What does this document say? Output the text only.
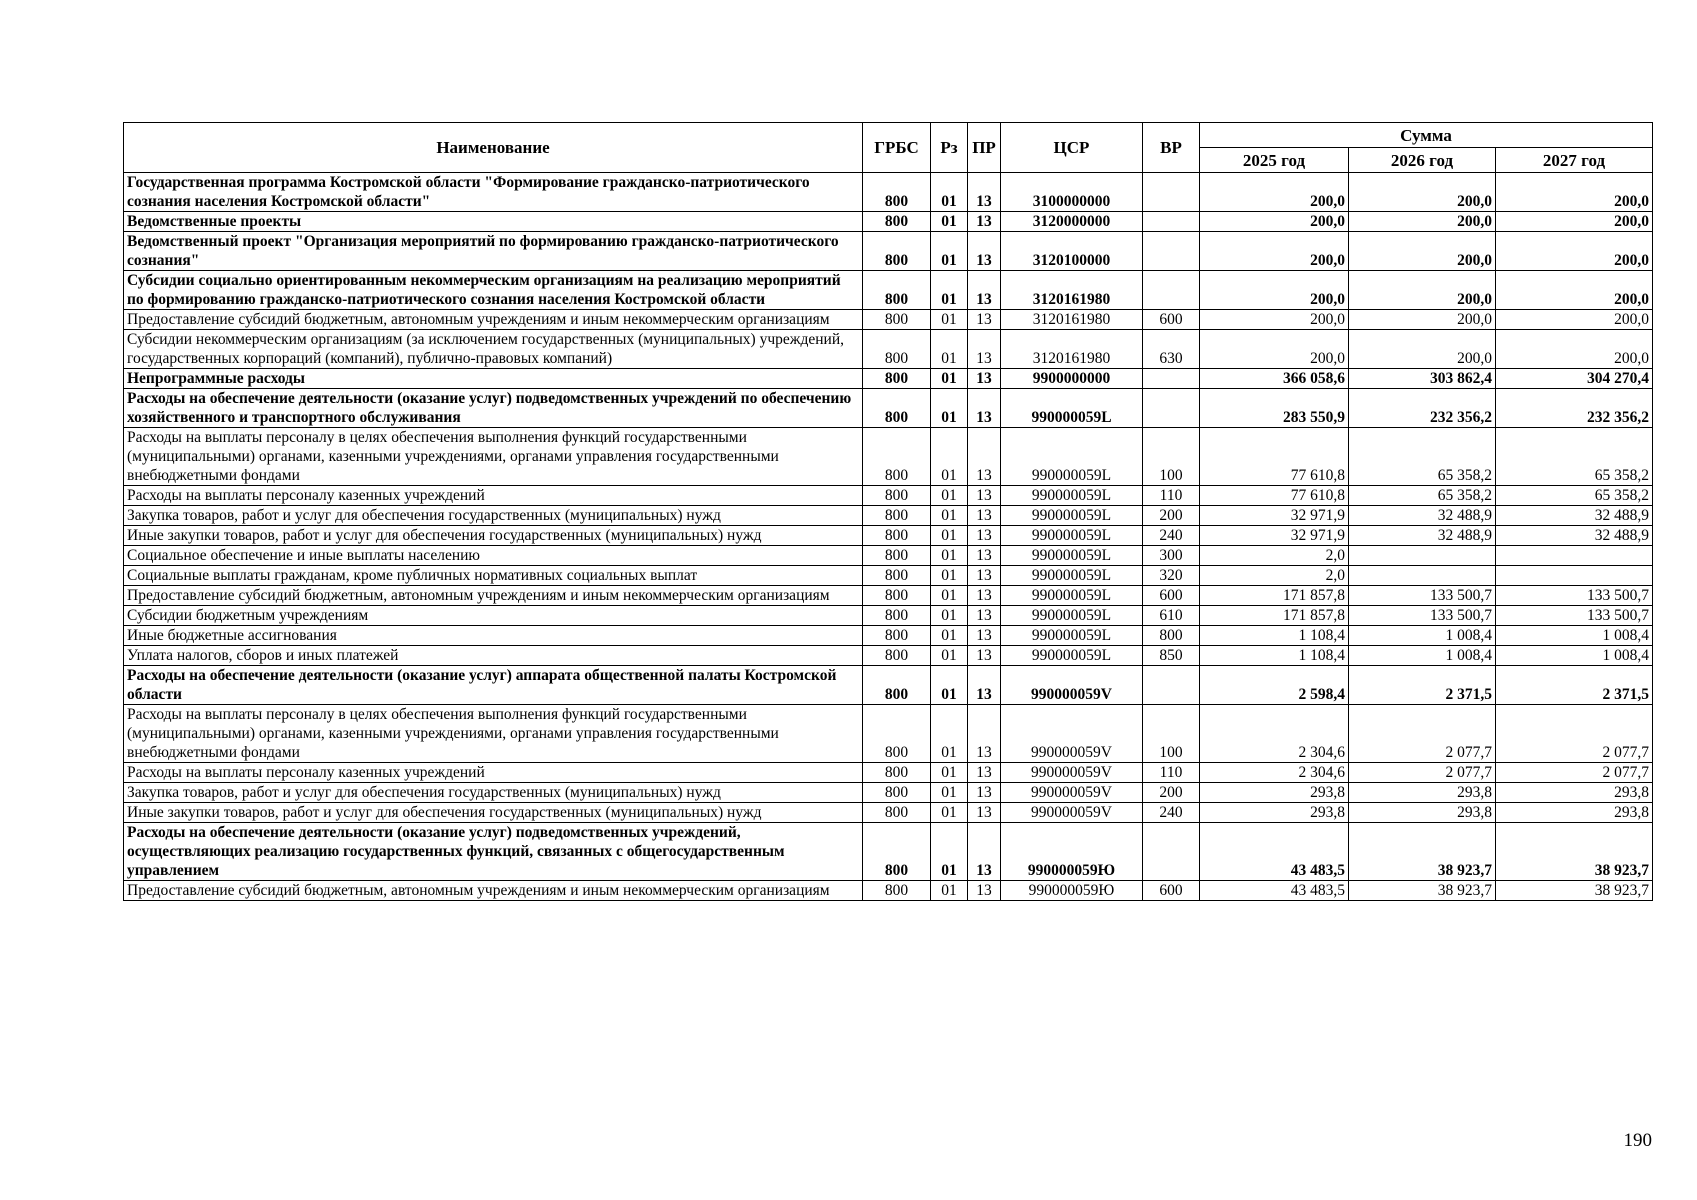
Наименование	ГРБС	Рз	ПР	ЦСР	ВР	Сумма		
						2025 год	2026 год	2027 год
Государственная программа Костромской области "Формирование гражданско-патриотического сознания населения Костромской области"	800	01	13	3100000000		200,0	200,0	200,0
Ведомственные проекты	800	01	13	3120000000		200,0	200,0	200,0
Ведомственный проект "Организация мероприятий по формированию гражданско-патриотического сознания"	800	01	13	3120100000		200,0	200,0	200,0
Субсидии социально ориентированным некоммерческим организациям на реализацию мероприятий по формированию гражданско-патриотического сознания населения Костромской области	800	01	13	3120161980		200,0	200,0	200,0
Предоставление субсидий бюджетным, автономным учреждениям и иным некоммерческим организациям	800	01	13	3120161980	600	200,0	200,0	200,0
Субсидии некоммерческим организациям (за исключением государственных (муниципальных) учреждений, государственных корпораций (компаний), публично-правовых компаний)	800	01	13	3120161980	630	200,0	200,0	200,0
Непрограммные расходы	800	01	13	9900000000		366 058,6	303 862,4	304 270,4
Расходы на обеспечение деятельности (оказание услуг) подведомственных учреждений по обеспечению хозяйственного и транспортного обслуживания	800	01	13	990000059L		283 550,9	232 356,2	232 356,2
Расходы на выплаты персоналу в целях обеспечения выполнения функций государственными (муниципальными) органами, казенными учреждениями, органами управления государственными внебюджетными фондами	800	01	13	990000059L	100	77 610,8	65 358,2	65 358,2
Расходы на выплаты персоналу казенных учреждений	800	01	13	990000059L	110	77 610,8	65 358,2	65 358,2
Закупка товаров, работ и услуг для обеспечения государственных (муниципальных) нужд	800	01	13	990000059L	200	32 971,9	32 488,9	32 488,9
Иные закупки товаров, работ и услуг для обеспечения государственных (муниципальных) нужд	800	01	13	990000059L	240	32 971,9	32 488,9	32 488,9
Социальное обеспечение и иные выплаты населению	800	01	13	990000059L	300	2,0		
Социальные выплаты гражданам, кроме публичных нормативных социальных выплат	800	01	13	990000059L	320	2,0		
Предоставление субсидий бюджетным, автономным учреждениям и иным некоммерческим организациям	800	01	13	990000059L	600	171 857,8	133 500,7	133 500,7
Субсидии бюджетным учреждениям	800	01	13	990000059L	610	171 857,8	133 500,7	133 500,7
Иные бюджетные ассигнования	800	01	13	990000059L	800	1 108,4	1 008,4	1 008,4
Уплата налогов, сборов и иных платежей	800	01	13	990000059L	850	1 108,4	1 008,4	1 008,4
Расходы на обеспечение деятельности (оказание услуг) аппарата общественной палаты Костромской области	800	01	13	990000059V		2 598,4	2 371,5	2 371,5
Расходы на выплаты персоналу в целях обеспечения выполнения функций государственными (муниципальными) органами, казенными учреждениями, органами управления государственными внебюджетными фондами	800	01	13	990000059V	100	2 304,6	2 077,7	2 077,7
Расходы на выплаты персоналу казенных учреждений	800	01	13	990000059V	110	2 304,6	2 077,7	2 077,7
Закупка товаров, работ и услуг для обеспечения государственных (муниципальных) нужд	800	01	13	990000059V	200	293,8	293,8	293,8
Иные закупки товаров, работ и услуг для обеспечения государственных (муниципальных) нужд	800	01	13	990000059V	240	293,8	293,8	293,8
Расходы на обеспечение деятельности (оказание услуг) подведомственных учреждений, осуществляющих реализацию государственных функций, связанных с общегосударственным управлением	800	01	13	990000059Ю		43 483,5	38 923,7	38 923,7
Предоставление субсидий бюджетным, автономным учреждениям и иным некоммерческим организациям	800	01	13	990000059Ю	600	43 483,5	38 923,7	38 923,7
190
